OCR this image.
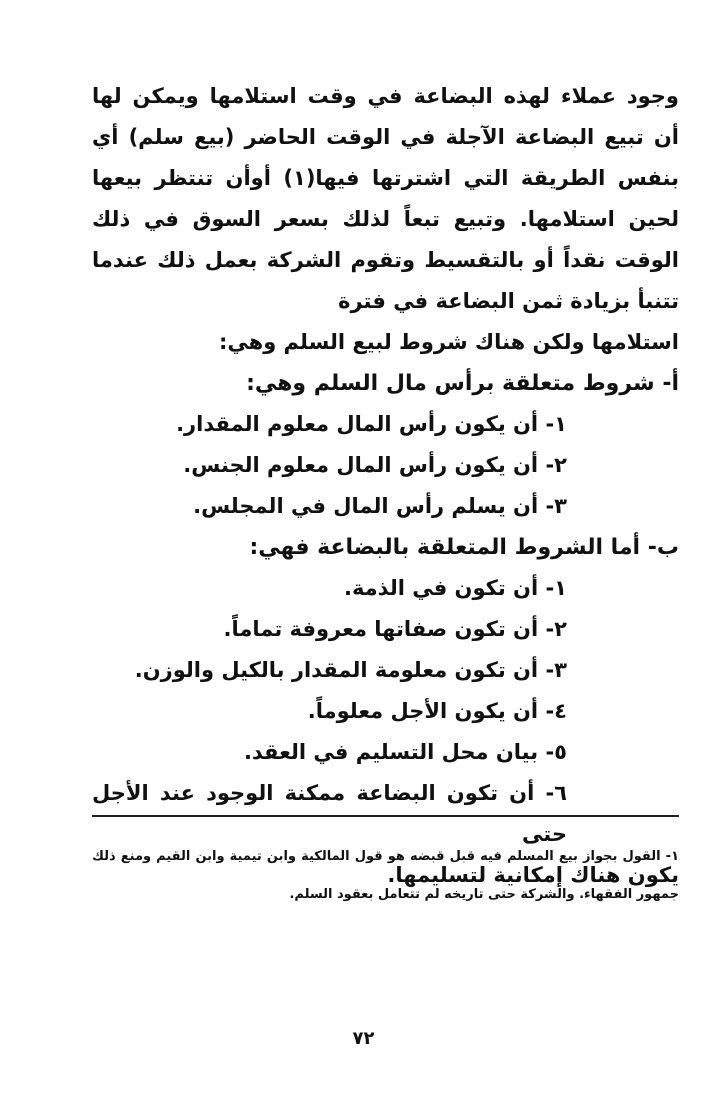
وجود عملاء لهذه البضاعة في وقت استلامها ويمكن لها أن تبيع البضاعة الآجلة في الوقت الحاضر (بيع سلم) أي بنفس الطريقة التي اشترتها فيها(١) أوأن تنتظر بيعها لحين استلامها. وتبيع تبعاً لذلك بسعر السوق في ذلك الوقت نقداً أو بالتقسيط وتقوم الشركة بعمل ذلك عندما تتنبأ بزيادة ثمن البضاعة في فترة

استلامها ولكن هناك شروط لبيع السلم وهي:

أ- شروط متعلقة برأس مال السلم وهي:

١- أن يكون رأس المال معلوم المقدار.

٢- أن يكون رأس المال معلوم الجنس.

٣- أن يسلم رأس المال في المجلس.

ب- أما الشروط المتعلقة بالبضاعة فهي:

١- أن تكون في الذمة.

٢- أن تكون صفاتها معروفة تماماً.

٣- أن تكون معلومة المقدار بالكيل والوزن.

٤- أن يكون الأجل معلوماً.

٥- بيان محل التسليم في العقد.

٦- أن تكون البضاعة ممكنة الوجود عند الأجل حتى

يكون هناك إمكانية لتسليمها.

١- القول بجواز بيع المسلم فيه قبل قبضه هو قول المالكية وابن تيمية وابن القيم ومنع ذلك جمهور الفقهاء. والشركة حتى تاريخه لم تتعامل بعقود السلم.
٧٢
